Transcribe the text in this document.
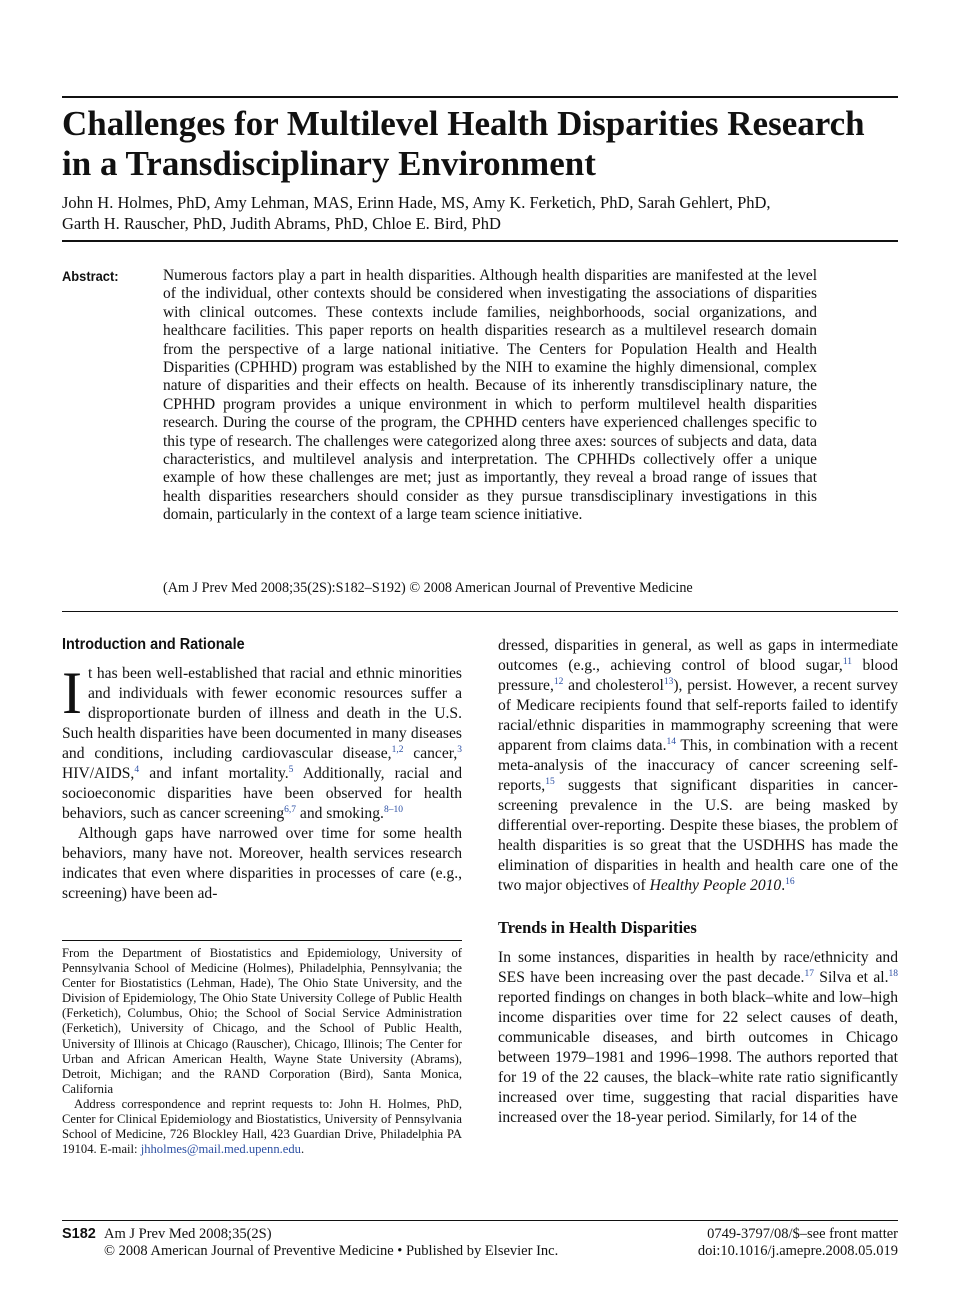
Challenges for Multilevel Health Disparities Research
in a Transdisciplinary Environment
John H. Holmes, PhD, Amy Lehman, MAS, Erinn Hade, MS, Amy K. Ferketich, PhD, Sarah Gehlert, PhD,
Garth H. Rauscher, PhD, Judith Abrams, PhD, Chloe E. Bird, PhD
Abstract:	Numerous factors play a part in health disparities. Although health disparities are manifested at the level of the individual, other contexts should be considered when investigating the associations of disparities with clinical outcomes. These contexts include families, neighborhoods, social organizations, and healthcare facilities. This paper reports on health disparities research as a multilevel research domain from the perspective of a large national initiative. The Centers for Population Health and Health Disparities (CPHHD) program was established by the NIH to examine the highly dimensional, complex nature of disparities and their effects on health. Because of its inherently transdisciplinary nature, the CPHHD program provides a unique environment in which to perform multilevel health disparities research. During the course of the program, the CPHHD centers have experienced challenges specific to this type of research. The challenges were categorized along three axes: sources of subjects and data, data characteristics, and multilevel analysis and interpretation. The CPHHDs collectively offer a unique example of how these challenges are met; just as importantly, they reveal a broad range of issues that health disparities researchers should consider as they pursue transdisciplinary investigations in this domain, particularly in the context of a large team science initiative.

(Am J Prev Med 2008;35(2S):S182–S192) © 2008 American Journal of Preventive Medicine
Introduction and Rationale

It has been well-established that racial and ethnic minorities and individuals with fewer economic resources suffer a disproportionate burden of illness and death in the U.S. Such health disparities have been documented in many diseases and conditions, including cardiovascular disease,$^{1,2}$ cancer,$^3$ HIV/AIDS,$^4$ and infant mortality.$^5$ Additionally, racial and socioeconomic disparities have been observed for health behaviors, such as cancer screening$^{6,7}$ and smoking.$^{8-10}$

Although gaps have narrowed over time for some health behaviors, many have not. Moreover, health services research indicates that even where disparities in processes of care (e.g., screening) have been ad-

dressed, disparities in general, as well as gaps in intermediate outcomes (e.g., achieving control of blood sugar,$^{11}$ blood pressure,$^{12}$ and cholesterol$^{13}$), persist. However, a recent survey of Medicare recipients found that self-reports failed to identify racial/ethnic disparities in mammography screening that were apparent from claims data.$^{14}$ This, in combination with a recent meta-analysis of the inaccuracy of cancer screening self-reports,$^{15}$ suggests that significant disparities in cancer-screening prevalence in the U.S. are being masked by differential over-reporting. Despite these biases, the problem of health disparities is so great that the USDHHS has made the elimination of disparities in health and health care one of the two major objectives of Healthy People 2010.16

Trends in Health Disparities

In some instances, disparities in health by race/ethnicity and SES have been increasing over the past decade.$^{17}$ Silva et al.$^{18}$ reported findings on changes in both black–white and low–high income disparities over time for 22 select causes of death, communicable diseases, and birth outcomes in Chicago between 1979–1981 and 1996–1998. The authors reported that for 19 of the 22 causes, the black–white rate ratio significantly increased over time, suggesting that racial disparities have increased over the 18-year period. Similarly, for 14 of the

From the Department of Biostatistics and Epidemiology, University of Pennsylvania School of Medicine (Holmes), Philadelphia, Pennsylvania; the Center for Biostatistics (Lehman, Hade), The Ohio State University, and the Division of Epidemiology, The Ohio State University College of Public Health (Ferketich), Columbus, Ohio; the School of Social Service Administration (Ferketich), University of Chicago, and the School of Public Health, University of Illinois at Chicago (Rauscher), Chicago, Illinois; The Center for Urban and African American Health, Wayne State University (Abrams), Detroit, Michigan; and the RAND Corporation (Bird), Santa Monica, California

Address correspondence and reprint requests to: John H. Holmes, PhD, Center for Clinical Epidemiology and Biostatistics, University of Pennsylvania School of Medicine, 726 Blockley Hall, 423 Guardian Drive, Philadelphia PA 19104. E-mail: jhholmes@mail.med.upenn.edu.

S182 Am J Prev Med 2008;35(2S)
© 2008 American Journal of Preventive Medicine • Published by Elsevier Inc.
0749-3797/08/$–see front matter
doi:10.1016/j.amepre.2008.05.019
